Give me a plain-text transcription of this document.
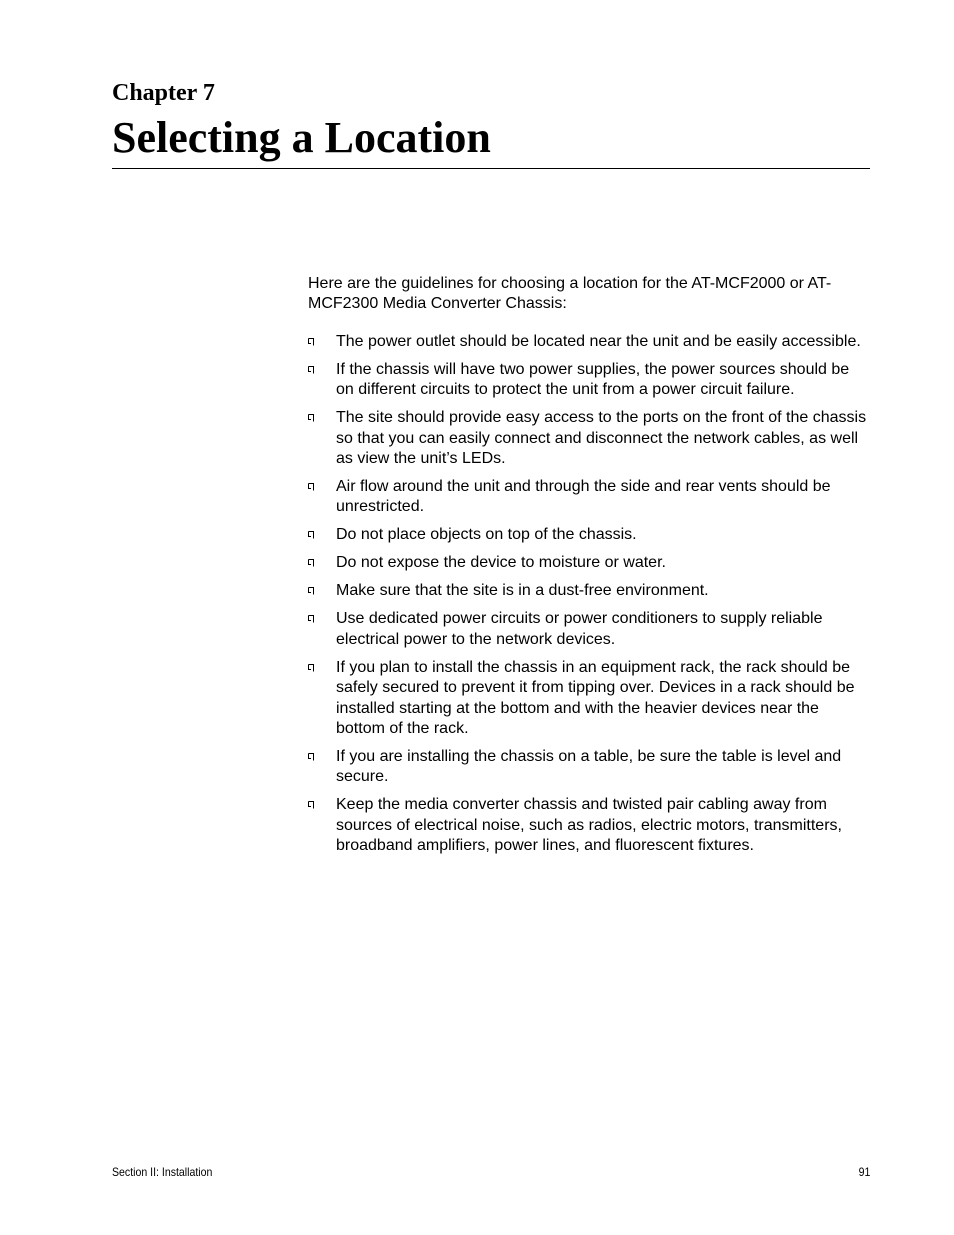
Chapter 7
Selecting a Location

Here are the guidelines for choosing a location for the AT-MCF2000 or AT-MCF2300 Media Converter Chassis:

The power outlet should be located near the unit and be easily accessible.
If the chassis will have two power supplies, the power sources should be on different circuits to protect the unit from a power circuit failure.
The site should provide easy access to the ports on the front of the chassis so that you can easily connect and disconnect the network cables, as well as view the unit’s LEDs.
Air flow around the unit and through the side and rear vents should be unrestricted.
Do not place objects on top of the chassis.
Do not expose the device to moisture or water.
Make sure that the site is in a dust-free environment.
Use dedicated power circuits or power conditioners to supply reliable electrical power to the network devices.
If you plan to install the chassis in an equipment rack, the rack should be safely secured to prevent it from tipping over. Devices in a rack should be installed starting at the bottom and with the heavier devices near the bottom of the rack.
If you are installing the chassis on a table, be sure the table is level and secure.
Keep the media converter chassis and twisted pair cabling away from sources of electrical noise, such as radios, electric motors, transmitters, broadband amplifiers, power lines, and fluorescent fixtures.
Section II: Installation	91
